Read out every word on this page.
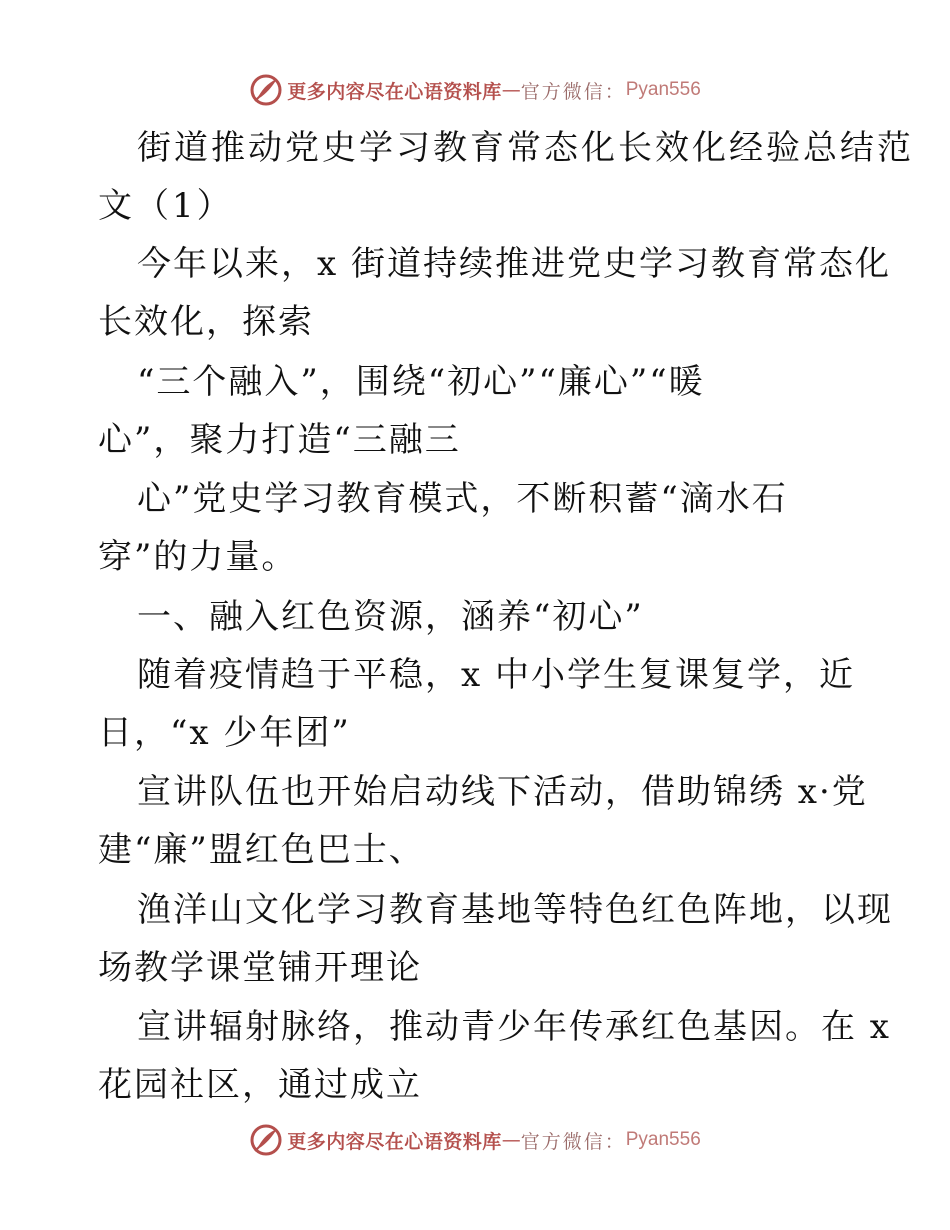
更多内容尽在心语资料库 — 官方微信： Pyan556
街道推动党史学习教育常态化长效化经验总结范
文（1）
今年以来，x 街道持续推进党史学习教育常态化
长效化，探索
“三个融入”，围绕“初心”“廉心”“暖
心”，聚力打造“三融三
心”党史学习教育模式，不断积蓄“滴水石
穿”的力量。
一、融入红色资源，涵养“初心”
随着疫情趋于平稳，x 中小学生复课复学，近
日，“x 少年团”
宣讲队伍也开始启动线下活动，借助锦绣 x·党
建“廉”盟红色巴士、
渔洋山文化学习教育基地等特色红色阵地，以现
场教学课堂铺开理论
宣讲辐射脉络，推动青少年传承红色基因。在 x
花园社区，通过成立
更多内容尽在心语资料库 — 官方微信： Pyan556
